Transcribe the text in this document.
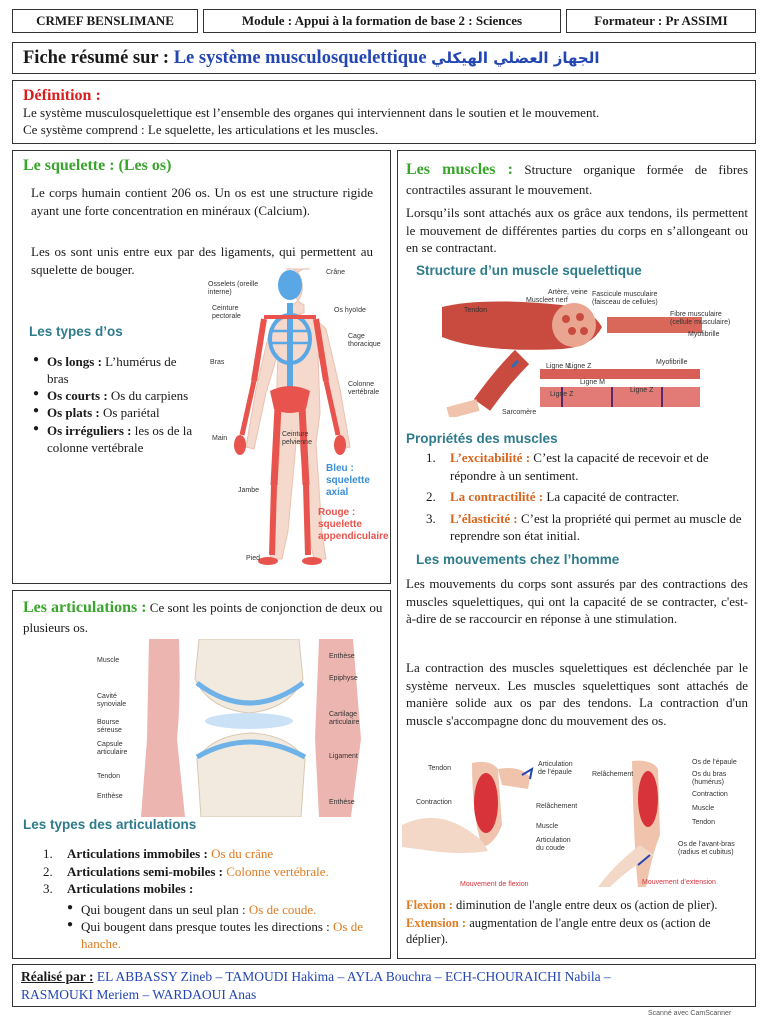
CRMEF BENSLIMANE	Module : Appui à la formation de base 2 : Sciences	Formateur : Pr ASSIMI
Fiche résumé sur :
Le système musculosquelettique
الجهاز العضلي الهيكلي
Définition :

Le système musculosquelettique est l’ensemble des organes qui interviennent dans le soutien et le mouvement.

Ce système comprend : Le squelette, les articulations et les muscles.

Le squelette : (Les os)

Le corps humain contient 206 os. Un os est une structure rigide ayant une forte concentration en minéraux (Calcium).

Les os sont unis entre eux par des ligaments, qui permettent au squelette de bouger.

Les types d’os
● Os longs : L’humérus de bras
● Os courts : Os du carpiens
● Os plats : Os pariétal
● Os irréguliers : les os de la colonne vertébrale
Crâne
Osselets (oreille interne)
Ceinture pectorale
Os hyoïde
Cage thoracique
Bras
Colonne vertébrale
Main
Ceinture pelvienne
Jambe
Pied
Bleu : squelette axial
Rouge : squelette appendiculaire

Les articulations : Ce sont les points de conjonction de deux ou plusieurs os.

Muscle
Cavité synoviale
Bourse séreuse
Capsule articulaire
Tendon
Enthèse
Enthèse
Epiphyse
Cartilage articulaire
Ligament
Enthèse
Les types des articulations
1. Articulations immobiles : Os du crâne
2. Articulations semi-mobiles : Colonne vertébrale.
3. Articulations mobiles :
● Qui bougent dans un seul plan : Os de coude.
● Qui bougent dans presque toutes les directions : Os de hanche.

Les muscles : Structure organique formée de fibres contractiles assurant le mouvement.

Lorsqu’ils sont attachés aux os grâce aux tendons, ils permettent le mouvement de différentes parties du corps en s’allongeant ou en se contractant.

Structure d’un muscle squelettique
Muscle
Artère, veine et nerf
Fascicule musculaire (faisceau de cellules)
Tendon
Fibre musculaire (cellule musculaire)
Myofibrille
Ligne M
Ligne Z
Myofibrille
Ligne M
Ligne Z
Ligne Z
Sarcomère
Propriétés des muscles
1. L’excitabilité : C’est la capacité de recevoir et de répondre à un sentiment.
2. La contractilité : La capacité de contracter.
3. L’élasticité : C’est la propriété qui permet au muscle de reprendre son état initial.
Les mouvements chez l’homme

Les mouvements du corps sont assurés par des contractions des muscles squelettiques, qui ont la capacité de se contracter, c'est-à-dire de se raccourcir en réponse à une stimulation.

La contraction des muscles squelettiques est déclenchée par le système nerveux. Les muscles squelettiques sont attachés de manière solide aux os par des tendons. La contraction d'un muscle s'accompagne donc du mouvement des os.

Tendon
Articulation de l’épaule
Contraction
Relâchement
Muscle
Articulation du coude
Mouvement de flexion
Os de l’épaule
Os du bras (humérus)
Relâchement
Contraction
Muscle
Tendon
Os de l’avant-bras (radius et cubitus)
Mouvement d’extension

Flexion : diminution de l'angle entre deux os (action de plier).

Extension : augmentation de l'angle entre deux os (action de déplier).

Réalisé par : EL ABBASSY Zineb – TAMOUDI Hakima – AYLA Bouchra – ECH-CHOURAICHI Nabila –
RASMOUKI Meriem – WARDAOUI Anas
Scanné avec CamScanner
